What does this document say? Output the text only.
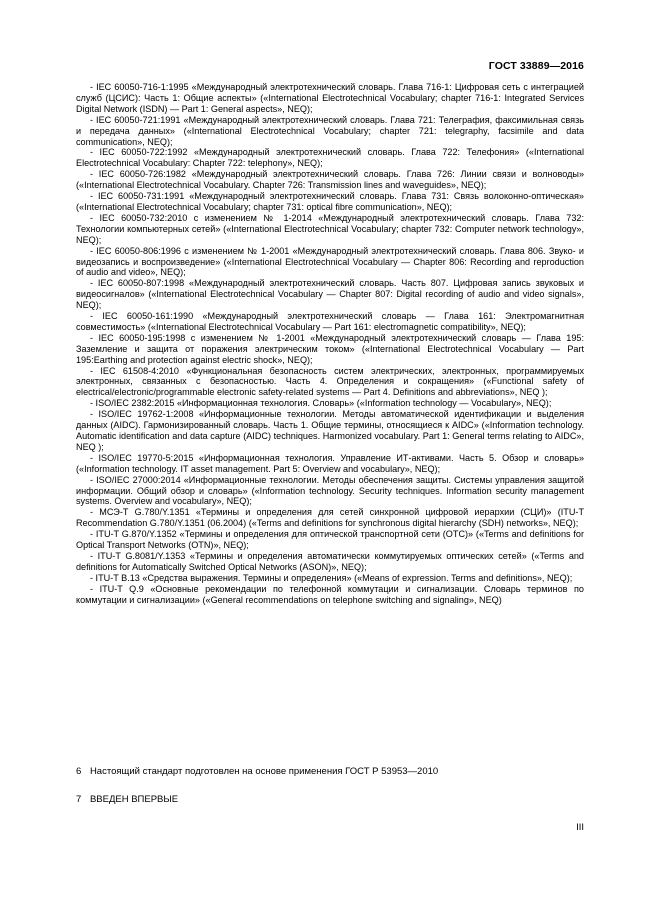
ГОСТ 33889—2016

- IEC 60050-716-1:1995 «Международный электротехнический словарь. Глава 716-1: Цифровая сеть с интеграцией служб (ЦСИС): Часть 1: Общие аспекты» («International Electrotechnical Vocabulary; chapter 716-1: Integrated Services Digital Network (ISDN) — Part 1: General aspects», NEQ);

- IEC 60050-721:1991 «Международный электротехнический словарь. Глава 721: Телеграфия, факсимильная связь и передача данных» («International Electrotechnical Vocabulary; chapter 721: telegraphy, facsimile and data communication», NEQ);

- IEC 60050-722:1992 «Международный электротехнический словарь. Глава 722: Телефония» («International Electrotechnical Vocabulary: Chapter 722: telephony», NEQ);

- IEC 60050-726:1982 «Международный электротехнический словарь. Глава 726: Линии связи и волноводы» («International Electrotechnical Vocabulary. Chapter 726: Transmission lines and waveguides», NEQ);

- IEC 60050-731:1991 «Международный электротехнический словарь. Глава 731: Связь волоконно-оптическая» («International Electrotechnical Vocabulary; chapter 731: optical fibre communication», NEQ);

- IEC 60050-732:2010 с изменением № 1-2014 «Международный электротехнический словарь. Глава 732: Технологии компьютерных сетей» («International Electrotechnical Vocabulary; chapter 732: Computer network technology», NEQ);

- IEC 60050-806:1996 с изменением № 1-2001 «Международный электротехнический словарь. Глава 806. Звуко- и видеозапись и воспроизведение» («International Electrotechnical Vocabulary — Chapter 806: Recording and reproduction of audio and video», NEQ);

- IEC 60050-807:1998 «Международный электротехнический словарь. Часть 807. Цифровая запись звуковых и видеосигналов» («International Electrotechnical Vocabulary — Chapter 807: Digital recording of audio and video signals», NEQ);

- IEC 60050-161:1990 «Международный электротехнический словарь — Глава 161: Электромагнитная совместимость» («International Electrotechnical Vocabulary — Part 161: electromagnetic compatibility», NEQ);

- IEC 60050-195:1998 с изменением № 1-2001 «Международный электротехнический словарь — Глава 195: Заземление и защита от поражения электрическим током» («International Electrotechnical Vocabulary — Part 195:Earthing and protection against electric shock», NEQ);

- IEC 61508-4:2010 «Функциональная безопасность систем электрических, электронных, программируемых электронных, связанных с безопасностью. Часть 4. Определения и сокращения» («Functional safety of electrical/electronic/programmable electronic safety-related systems — Part 4. Definitions and abbreviations», NEQ );

- ISO/IEC 2382:2015 «Информационная технология. Словарь» («Information technology — Vocabulary», NEQ);

- ISO/IEC 19762-1:2008 «Информационные технологии. Методы автоматической идентификации и выделения данных (AIDC). Гармонизированный словарь. Часть 1. Общие термины, относящиеся к AIDC» («Information technology. Automatic identification and data capture (AIDC) techniques. Harmonized vocabulary. Part 1: General terms relating to AIDC», NEQ );

- ISO/IEC 19770-5:2015 «Информационная технология. Управление ИТ-активами. Часть 5. Обзор и словарь» («Information technology. IT asset management. Part 5: Overview and vocabulary», NEQ);

- ISO/IEC 27000:2014 «Информационные технологии. Методы обеспечения защиты. Системы управления защитой информации. Общий обзор и словарь» («Information technology. Security techniques. Information security management systems. Overview and vocabulary», NEQ);

- МСЭ-Т G.780/Y.1351 «Термины и определения для сетей синхронной цифровой иерархии (СЦИ)» (ITU-T Recommendation G.780/Y.1351 (06.2004) («Terms and definitions for synchronous digital hierarchy (SDH) networks», NEQ);

- ITU-T G.870/Y.1352 «Термины и определения для оптической транспортной сети (ОТС)» («Terms and definitions for Optical Transport Networks (OTN)», NEQ);

- ITU-T G.8081/Y.1353 «Термины и определения автоматически коммутируемых оптических сетей» («Terms and definitions for Automatically Switched Optical Networks (ASON)», NEQ);

- ITU-T B.13 «Средства выражения. Термины и определения» («Means of expression. Terms and definitions», NEQ);

- ITU-T Q.9 «Основные рекомендации по телефонной коммутации и сигнализации. Словарь терминов по коммутации и сигнализации» («General recommendations on telephone switching and signaling», NEQ)

6 Настоящий стандарт подготовлен на основе применения ГОСТ Р 53953—2010
7 ВВЕДЕН ВПЕРВЫЕ
III
